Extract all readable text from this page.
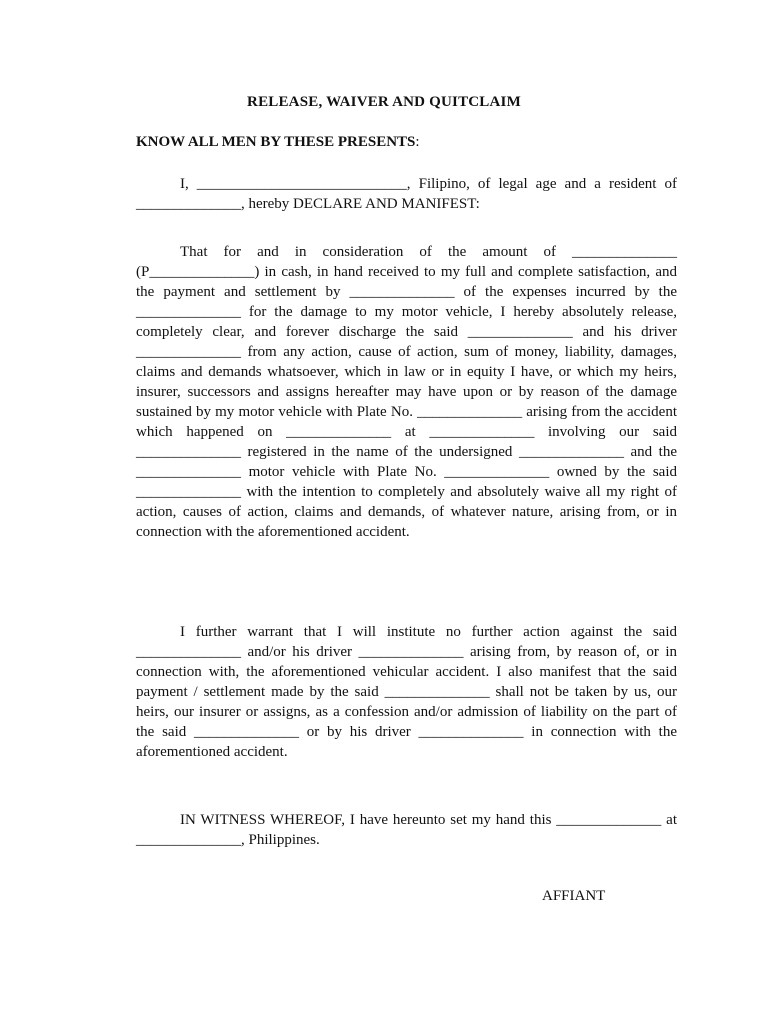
RELEASE, WAIVER AND QUITCLAIM
KNOW ALL MEN BY THESE PRESENTS:

I, ____________________________, Filipino, of legal age and a resident of ______________, hereby DECLARE AND MANIFEST:

That for and in consideration of the amount of ______________ (P______________) in cash, in hand received to my full and complete satisfaction, and the payment and settlement by ______________ of the expenses incurred by the ______________ for the damage to my motor vehicle, I hereby absolutely release, completely clear, and forever discharge the said ______________ and his driver ______________ from any action, cause of action, sum of money, liability, damages, claims and demands whatsoever, which in law or in equity I have, or which my heirs, insurer, successors and assigns hereafter may have upon or by reason of the damage sustained by my motor vehicle with Plate No. ______________ arising from the accident which happened on ______________ at ______________ involving our said ______________ registered in the name of the undersigned ______________ and the ______________ motor vehicle with Plate No. ______________ owned by the said ______________ with the intention to completely and absolutely waive all my right of action, causes of action, claims and demands, of whatever nature, arising from, or in connection with the aforementioned accident.

I further warrant that I will institute no further action against the said ______________ and/or his driver ______________ arising from, by reason of, or in connection with, the aforementioned vehicular accident. I also manifest that the said payment / settlement made by the said ______________ shall not be taken by us, our heirs, our insurer or assigns, as a confession and/or admission of liability on the part of the said ______________ or by his driver ______________ in connection with the aforementioned accident.

IN WITNESS WHEREOF, I have hereunto set my hand this ______________ at ______________, Philippines.

AFFIANT
